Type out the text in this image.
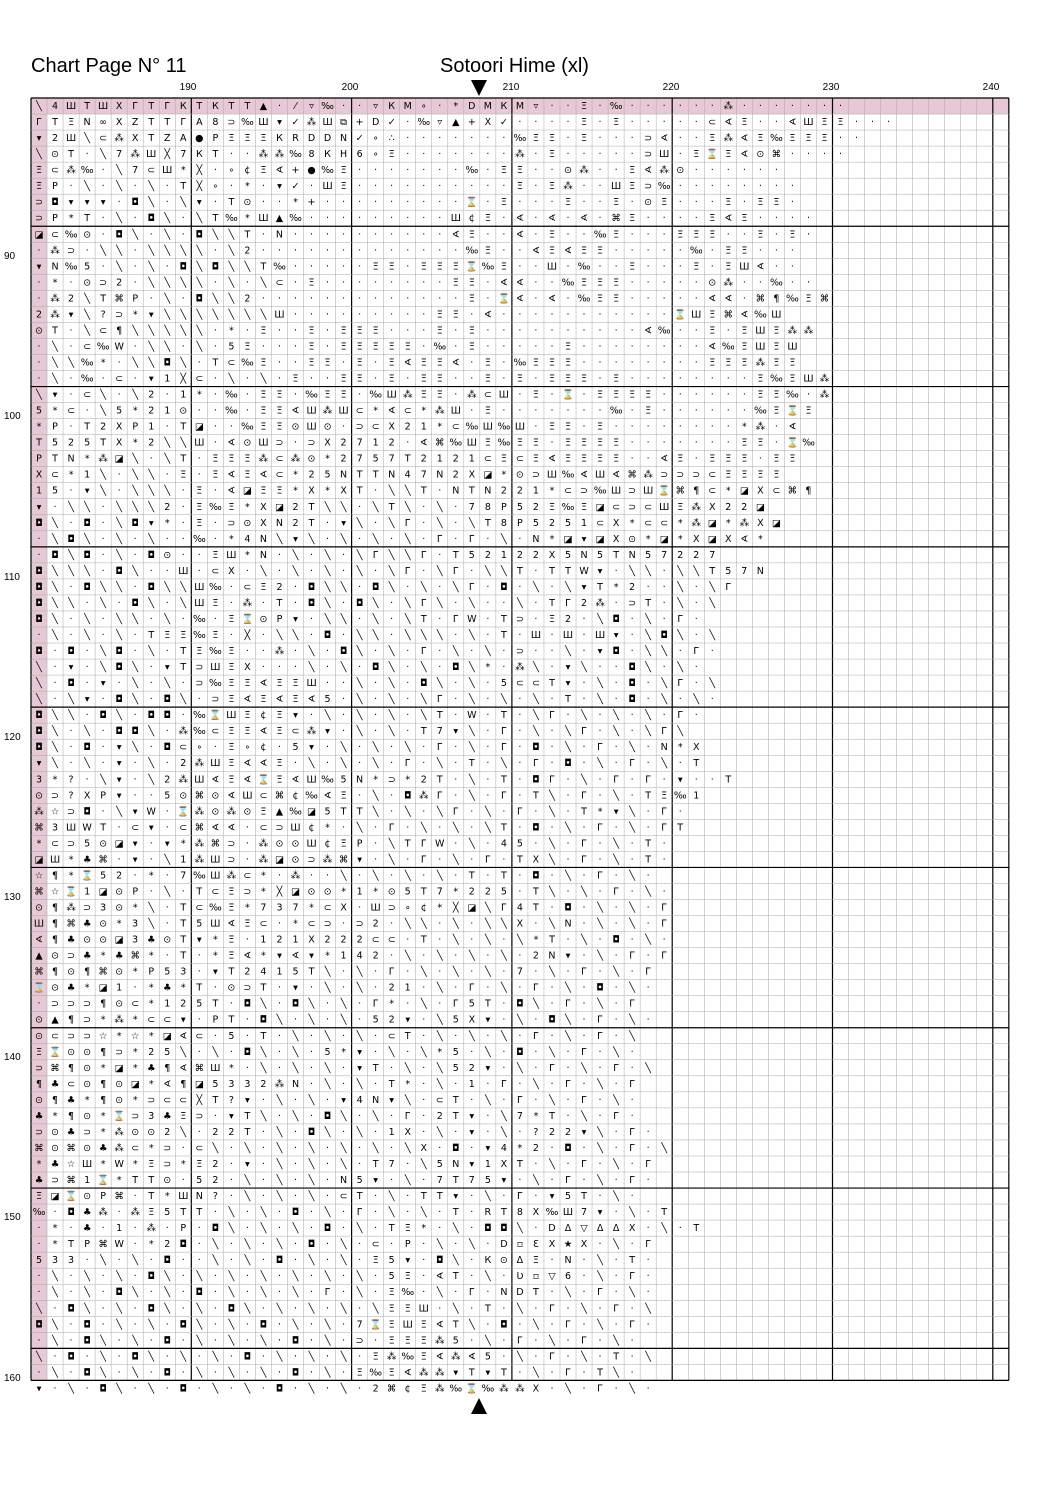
Chart Page N° 11	Sotoori Hime (xl)
190	200	210	220	230	240
90
100
110
120
130
140
150
160
╲ 4 Ш Т Ш Ⅹ Г Т Г К Т К Т Т ▲ · ⁄ ▿ ‰ · · ▿ К М ∘ · * D М К М ▿ · · Ξ · ‰ · · · · · · ⁂ · · · · · · ·
Г Т Ξ N ∞ Ⅹ Z Т Т Г А 8 ⊃ ‰ Ш ▾ ✓ ⁂ Ш ⧉ + D ✓ · ‰ ▿ ▲ + Ⅹ ✓ · · · · Ξ · Ξ · · · · · ⊂ ∢ Ξ · · ∢ Ш Ξ Ξ · · ·
▾ 2 Ш ╲ ⊂ ⁂ Ⅹ Т Z А ● Р Ξ Ξ Ξ К R D D N ✓ ∘ ∴ · · · · · · · ‰ Ξ Ξ · Ξ · · · ⊃ ∢ · · Ξ ⁂ ∢ Ξ ‰ Ξ Ξ Ξ · ·
╲ ⊙ Т · ╲ 7 ⁂ Ш ╳ 7 К Т · · ⁂ ⁂ ‰ 8 К Н 6 ∘ Ξ · · · · · · · ⁂ · Ξ · · · · · ⊃ Ш · Ξ ⌛ Ξ ∢ ⊙ ⌘ · · · ·
Ξ ⊂ ⁂ ‰ · ╲ 7 ⊂ Ш * ╳ · ∘ ¢ Ξ ∢ + ● ‰ Ξ · · · · · · · ‰ · Ξ Ξ · · ⊙ ⁂ · · Ξ ∢ ⁂ ⊙ · · · · · ·
Ξ Р · ╲ · ╲ · ╲ · Т ╳ ∘ · * · ▾ ✓ · Ш Ξ · · · · · · · · · · Ξ · Ξ ⁂ · · Ш Ξ ⊃ ‰ · · · · · · · ·
⊃ ◘ ▾ ▾ ▾ · ◘ ╲ · ╲ ▾ · Т ⊙ · · * + · · · · · · · · · ⌛ · Ξ · · · Ξ · · Ξ · ⊙ Ξ · · · Ξ · Ξ Ξ ·
⊃ Р * Т · ╲ · ◘ ╲ · ╲ Т ‰ * Ш ▲ ‰ · · · · · · · · · Ш ¢ Ξ · ∢ · ∢ · ∢ · ⌘ Ξ · · · · Ξ ∢ Ξ · · · ·
◪ ⊂ ‰ ⊙ · ◘ ╲ · ╲ · ◘ ╲ ╲ Т · N · · · · · · · · · · ∢ Ξ · · ∢ · Ξ · · ‰ Ξ · · · Ξ Ξ Ξ · · Ξ · Ξ ·
· ⁂ ⊃ · ╲ ╲ · ╲ ╲ ╲ ╲ · ╲ 2 · · · · · · · · · · · · · ‰ Ξ · · ∢ Ξ ∢ Ξ Ξ · · · · · ‰ · Ξ Ξ · · ·
▾ N ‰ 5 · ╲ · ╲ · ◘ ╲ ◘ ╲ ╲ Т ‰ · · · · · Ξ Ξ · Ξ Ξ Ξ ⌛ ‰ Ξ · · Ш · ‰ · · Ξ · · · Ξ · Ξ Ш ∢ · ·
· * · ⊙ ⊃ 2 · ╲ ╲ ╲ ╲ · ╲ · ╲ ⊂ · Ξ · · · · · · · · Ξ Ξ · ∢ ∢ · · ‰ Ξ Ξ Ξ · · · · · ⊙ ⁂ · · ‰ · ·
· ⁂ 2 ╲ Т ⌘ Р · ╲ · ◘ ╲ ╲ 2 · · · · · · · · · · · · · Ξ · ⌛ ∢ · ∢ · ‰ Ξ Ξ · · · · · ∢ ∢ · ⌘ ¶ ‰ Ξ ⌘
2 ⁂ ▾ ╲ ? ⊃ * ▾ ╲ ╲ ╲ ╲ ╲ ╲ ╲ Ш · · · · · · · · · Ξ Ξ · ∢ · · · · · · · · · · · ⌛ Ш Ξ ⌘ ∢ ‰ Ш
⊙ Т · ╲ ⊂ ¶ ╲ ╲ ╲ ╲ ╲ · * · Ξ · · Ξ · Ξ Ξ Ξ · · · Ξ · Ξ · · · · · · · · · · ∢ ‰ · · Ξ · Ξ Ш Ξ ⁂ ⁂
· ╲ · ⊂ ‰ W · ╲ ╲ · ╲ · 5 Ξ · · · Ξ · Ξ Ξ Ξ Ξ Ξ · ‰ · Ξ · · · · · Ξ · · · · · · · · ∢ ‰ Ξ Ш Ξ Ш
· ╲ ╲ ‰ * · ╲ ╲ ◘ ╲ · Т ⊂ ‰ Ξ · · Ξ Ξ · Ξ · Ξ ∢ Ξ Ξ ∢ · Ξ · ‰ Ξ Ξ Ξ · · · · · · · · Ξ Ξ Ξ ⁂ Ξ Ξ
· ╲ · ‰ · ⊂ · ▾ 1 ╳ ⊂ · ╲ · ╲ · Ξ · · Ξ Ξ · Ξ · Ξ Ξ · · Ξ · Ξ · Ξ Ξ Ξ · Ξ · · · · · · · · Ξ ‰ Ξ Ш ⁂
╲ ▾ · ⊂ ╲ · ╲ 2 · 1 * · ‰ · Ξ Ξ · ‰ Ξ Ξ · ‰ Ш ⁂ Ξ Ξ · ⁂ ⊂ Ш · Ξ · ⌛ · Ξ Ξ Ξ Ξ · · · · · · Ξ Ξ ‰ · ⁂
5 * ⊂ · ╲ 5 * 2 1 ⊙ · · ‰ · Ξ Ξ ∢ Ш ⁂ Ш ⊂ * ∢ ⊂ * ⁂ Ш · Ξ · · · · · · · ‰ · Ξ · · · · · · ‰ Ξ ⌛ Ξ
* Р · Т 2 Ⅹ Р 1 · Т ◪ · · ‰ Ξ Ξ ⊙ Ш ⊙ · ⊃ ⊂ Ⅹ 2 1 * ⊂ ‰ Ш ‰ Ш · Ξ Ξ · Ξ · · · · · · · · * ⁂ · ∢
Т 5 2 5 Т Ⅹ * 2 ╲ ╲ Ш · ∢ ⊙ Ш ⊃ · ⊃ Ⅹ 2 7 1 2 · ∢ ⌘ ‰ Ш Ξ ‰ Ξ Ξ · Ξ Ξ Ξ Ξ · · · · · · · Ξ Ξ · ⌛ ‰
Р Т N * ⁂ ◪ ╲ · ╲ Т · Ξ Ξ Ξ ⁂ ⊂ ⁂ ⊙ * 2 7 5 7 Т 2 1 2 1 ⊂ Ξ ⊂ Ξ ∢ Ξ Ξ Ξ Ξ · · ∢ Ξ · Ξ Ξ Ξ · Ξ Ξ
Ⅹ ⊂ * 1 ╲ · ╲ ╲ · Ξ · Ξ ∢ Ξ ∢ ⊂ * 2 5 N Т Т N 4 7 N 2 Ⅹ ◪ * ⊙ ⊃ Ш ‰ ∢ Ш ∢ ⌘ ⁂ ⊃ ⊃ ⊃ ⊂ Ξ Ξ Ξ Ξ
1 5 · ▾ ╲ · ╲ ╲ ╲ · Ξ · ∢ ◪ Ξ Ξ * Ⅹ * Ⅹ Т · ╲ ╲ Т · N Т N 2 2 1 * ⊂ ⊃ ‰ Ш ⊃ Ш ⌛ ⌘ ¶ ⊂ * ◪ Ⅹ ⊂ ⌘ ¶
▾ · ╲ ╲ · ╲ ╲ ╲ 2 · Ξ ‰ Ξ * Ⅹ ◪ 2 Т ╲ ╲ · ╲ Т ╲ · ╲ · 7 8 Р 5 2 Ξ ‰ Ξ ◪ ⊂ ⊃ ⊂ Ш Ξ ⁂ Ⅹ 2 2 ◪
◘ ╲ · ◘ · ╲ ◘ ▾ * · Ξ · ⊃ ⊙ Ⅹ N 2 Т · ▾ ╲ · ╲ Г · ╲ · ╲ Т 8 Р 5 2 5 1 ⊂ Ⅹ * ⊂ ⊂ * ⁂ ◪ * ⁂ Ⅹ ◪
· ╲ ◘ ╲ · ╲ · ╲ · · ‰ · * 4 N ╲ ▾ ╲ · ╲ · ╲ · ╲ · Г · Г · ╲ · N * ◪ ▾ ◪ Ⅹ ⊙ * ◪ * Ⅹ ◪ Ⅹ ∢ *
· ◘ ╲ ◘ · ╲ · ◘ ⊙ · · Ξ Ш * N · ╲ · ╲ · ╲ Г ╲ ╲ Г · Т 5 2 1 2 2 Ⅹ 5 N 5 Т N 5 7 2 2 7
◘ ╲ ╲ ╲ · ◘ ╲ · · Ш · ⊂ Ⅹ · ╲ · ╲ · ╲ · ╲ · ╲ Г · ╲ Г · ╲ ╲ Т · Т Т W ▾ · ╲ ╲ · ╲ ╲ Т 5 7 N
◘ ╲ · ◘ ╲ ╲ · ◘ ╲ ╲ Ш ‰ · ⊂ Ξ 2 · ◘ ╲ ╲ · ◘ ╲ · ╲ · ╲ Г · ◘ · ╲ · ╲ ▾ Т * 2 · · ╲ · ╲ Г
◘ ╲ ╲ · ╲ · ◘ ╲ · ╲ Ш Ξ · ⁂ · Т · ◘ ╲ · ◘ ╲ · ╲ Г ╲ · ╲ · · ╲ · Т Г 2 ⁂ · ⊃ Т · ╲ · ╲
◘ ╲ · ╲ · ╲ ╲ · ╲ · ‰ · Ξ ⌛ ⊙ Р ▾ · ╲ ╲ · ╲ · ╲ Т · Г W · Т ⊃ · Ξ 2 · ╲ ◘ · ╲ · Г ·
· ╲ · ╲ · ╲ · Т Ξ Ξ ‰ Ξ · ╳ · ╲ ╲ · ◘ · ╲ ╲ · ╲ ╲ ╲ · ╲ · Т · Ш · Ш · Ш ▾ · ╲ ◘ ╲ · ╲
◘ · ◘ · ╲ ◘ · ╲ · Т Ξ ‰ Ξ · · ⁂ · ╲ · ◘ ╲ · ╲ · Г · ╲ · ╲ · ⊃ · · ╲ · ▾ ◘ · ╲ ╲ · Г ·
╲ · ▾ · ╲ ◘ ╲ · ▾ Т ⊃ Ш Ξ Ⅹ · · · ╲ · ╲ · ◘ ╲ · ╲ · ◘ ╲ * · ⁂ ╲ · ▾ ╲ · · ◘ ╲ · ╲ ·
╲ · ◘ · ▾ · ╲ · ╲ · ⊃ ‰ Ξ Ξ ∢ Ξ Ξ Ш · · ╲ · ╲ · ◘ ╲ · ╲ · 5 ⊂ ⊂ Т ▾ · ╲ · ◘ · ╲ Г · ╲
╲ · ╲ ▾ · ◘ ╲ · ◘ ╲ · ⊃ Ξ ∢ Ξ ∢ Ξ ∢ 5 · ╲ · ╲ · ╲ Г · ╲ · ╲ · ╲ · Т · ╲ · ◘ · ╲ · ╲ ·
◘ ╲ ╲ · ◘ ╲ · ◘ ◘ · ‰ ⌛ Ш Ξ ¢ Ξ ▾ · ╲ · ╲ · ╲ · ╲ Т · W · Т · ╲ Г · ╲ · ╲ · ╲ · Г ·
◘ ╲ · ╲ · ◘ ◘ ╲ · ⁂ ‰ ⊂ Ξ Ξ ∢ Ξ ⊂ ⁂ ▾ · ╲ · ╲ · Т 7 ▾ ╲ · Г · ╲ · ╲ Г · ╲ · ╲ Г ╲
◘ ╲ · ◘ · ▾ ╲ · ◘ ⊂ ∘ · Ξ ∘ ¢ · 5 ▾ · ╲ · ╲ · ╲ · Г · ╲ · Г · ◘ · ╲ · Г · ╲ · N * Ⅹ
▾ ╲ · ╲ · ▾ · ╲ · 2 ⁂ Ш Ξ ∢ ∢ Ξ · ╲ · ╲ · ╲ · Г · ╲ · Т · ╲ · Г · ◘ · ╲ · Г · ╲ · Т
3 * ? · ╲ ▾ · ╲ 2 ⁂ Ш ∢ Ξ ∢ ⌛ Ξ ∢ Ш ‰ 5 N * ⊃ * 2 Т · ╲ · Т · ◘ Г · ╲ · Г · Г · ▾ · · Т
⊙ ⊃ ? Ⅹ Р ▾ · · 5 ⊙ ⌘ ⊙ ∢ Ш ⊂ ⌘ ¢ ‰ ∢ Ξ · ╲ · ◘ ⁂ Г · ╲ · Г · Т ╲ · Г · ╲ · Т Ξ ‰ 1
⁂ ☆ ⊃ ◘ · ╲ ▾ W · ⌛ ⁂ ⊙ ⁂ ⊙ Ξ ▲ ‰ ◪ 5 Т Т ╲ · ╲ · ╲ Г · ╲ · Г · ╲ · Т * ▾ ╲ · Г ·
⌘ 3 Ш W Т · ⊂ ▾ · ⊂ ⌘ ∢ ∢ · ⊂ ⊃ Ш ¢ * · ╲ · Г · ╲ · ╲ · ╲ Т · ◘ · ╲ · Г · ╲ · Г Т
* ⊂ ⊃ 5 ⊙ ◪ ▾ · ▾ * ⁂ ⌘ ⊃ · ⁂ ⊙ ⊙ Ш ¢ Ξ Р · ╲ Т Г W · ╲ · 4 5 · ╲ · Г · ╲ · Т ·
◪ Ш * ♣ ⌘ · ▾ · ╲ 1 ⁂ Ш ⊃ · ⁂ ◪ ⊙ ⊃ ⁂ ⌘ ▾ · ╲ · Г · ╲ · Г · Т Ⅹ ╲ · Г · ╲ · Т ·
☆ ¶ * ⌛ 5 2 · * · 7 ‰ Ш ⁂ ⊂ * · ⁂ · · ╲ · ╲ · ╲ · ╲ · Т · Т · ◘ · ╲ · Г · ╲ ·
⌘ ☆ ⌛ 1 ◪ ⊙ Р · ╲ · Т ⊂ Ξ ⊃ * ╳ ◪ ⊙ ⊙ * 1 * ⊙ 5 Т 7 * 2 2 5 · Т ╲ · ╲ · Г · ╲ ·
⊙ ¶ ⁂ ⊃ 3 ⊙ * ╲ · Т ⊂ ‰ Ξ * 7 3 7 * ⊂ Ⅹ · Ш ⊃ ∘ ¢ * ╳ ◪ ╲ Г 4 Т · ◘ · ╲ · ╲ · Г
Ш ¶ ⌘ ♣ ⊙ * 3 ╲ · Т 5 Ш ∢ Ξ ⊂ · * ⊂ ⊃ · ⊃ 2 · ╲ ╲ · ╲ · ╲ ╲ Ⅹ · ╲ N · ╲ · ╲ · Г
∢ ¶ ♣ ⊙ ⊙ ◪ 3 ♣ ⊙ Т ▾ * Ξ · 1 2 1 Ⅹ 2 2 2 ⊂ ⊂ · Т · ╲ · ╲ · ╲ * Т · ╲ · ◘ · ╲ ·
▲ ⊙ ⊃ ♣ * ♣ ⌘ * · Т · * Ξ ∢ * ▾ ∢ ▾ * 1 4 2 · ╲ · ╲ · ╲ · ╲ · 2 N ▾ · ╲ · Г · Г
⌘ ¶ ⊙ ¶ ⌘ ⊙ * Р 5 3 · ▾ Т 2 4 1 5 Т ╲ · ╲ · Г · ╲ · ╲ · ╲ · 7 · ╲ · Г · ╲ · Г
⌛ ⊙ ♣ * ◪ 1 · * ♣ * Т · ⊙ ⊃ Т · ▾ · ╲ · ╲ · 2 1 · ╲ · Г · ╲ · Г · ╲ · ◘ · ╲ ·
· ⊃ ⊃ ⊃ ¶ ⊙ ⊂ * 1 2 5 Т · ◘ ╲ · ◘ ╲ · ╲ · Г * · ╲ · Г 5 Т · ◘ ╲ · Г · ╲ · Г
⊙ ▲ ¶ ⊃ * ⁂ * ⊂ ⊂ ▾ · Р Т · ◘ ╲ · ╲ · ╲ · 5 2 ▾ · ╲ 5 Ⅹ ▾ · ╲ · ◘ ╲ · Г · ╲ ·
⊙ ⊂ ⊃ ⊃ ☆ * ☆ * ◪ ∢ ⊂ · 5 · Т · ╲ · ╲ · ╲ · ⊂ Т · ╲ · ╲ · ╲ · Г · ╲ · Г · ╲
Ξ ⌛ ⊙ ⊙ ¶ ⊃ * 2 5 ╲ · ╲ · ◘ ╲ · ╲ · 5 * ▾ · ╲ · ╲ * 5 · ╲ · ◘ · ╲ · Г · ╲ ·
⊃ ⌘ ¶ ⊙ * ◪ * ♣ ¶ ∢ ⌘ Ш * · ╲ · ╲ · ╲ · ▾ Т · ╲ · ╲ 5 2 ▾ · ╲ · Г · ╲ · Г · ╲
¶ ♣ ⊂ ⊙ ¶ ⊙ ◪ * ∢ ¶ ◪ 5 3 3 2 ⁂ N · ╲ · ╲ · Т * · ╲ · 1 · Г · ╲ · Г · ╲ · Г
⊙ ¶ ♣ * ¶ ⊙ * ⊃ ⊂ ⊂ ╳ Т ? ▾ · ╲ · ╲ · ▾ 4 N ▾ ╲ · ⊂ Т · ╲ · Г · ╲ · Г · ╲ ·
♣ * ¶ ⊙ * ⌛ ⊃ 3 ♣ Ξ ⊃ · ▾ Т ╲ · ╲ · ◘ ╲ · ╲ · Г · 2 Т ▾ · ╲ 7 * Т · ╲ · Г ·
⊃ ⊙ ♣ ⊃ * ⁂ ⊙ ⊙ 2 ╲ · 2 2 Т · ╲ · ◘ ╲ · ╲ · 1 Ⅹ · ╲ · ▾ · ╲ · ? 2 2 ▾ ╲ · Г ·
⌘ ⊙ ⌘ ⊙ ♣ ⁂ ⊂ * ⊃ · ⊂ ╲ · ╲ · ╲ · ╲ · ╲ · ╲ · ╲ Ⅹ · ◘ · ▾ 4 * 2 · ◘ · ╲ · Г · ╲
* ♣ ☆ Ш * W * Ξ ⊃ * Ξ 2 · ▾ · ╲ · ╲ · ╲ · Т 7 · ╲ 5 N ▾ 1 Ⅹ Т · ╲ · Г · ╲ · Г
♣ ⊃ ⌘ 1 ⌛ * Т Т ⊙ · 5 2 · ╲ · ╲ · ╲ · N 5 ▾ · ╲ · 7 Т 7 5 ▾ · ╲ · Г · ╲ · Г ·
Ξ ◪ ⌛ ⊙ Р ⌘ · Т * Ш N ? · ╲ · ╲ · ╲ · ⊂ Т · ╲ · Т Т ▾ · ╲ · Г · ▾ 5 Т · ╲ ·
‰ · ◘ ♣ ⁂ · ⁂ Ξ 5 Т Т · ╲ · ╲ · ◘ · ╲ · Г · ╲ · ╲ · Т · R Т 8 Ⅹ ‰ Ш 7 ▾ · ╲ · Т
· * · ♣ · 1 · ⁂ · Р · ◘ ╲ · ╲ · ╲ · ◘ · ╲ · Т Ξ * · ╲ · ◘ ◘ ╲ · D Δ ▽ Δ Δ Ⅹ · ╲ · Т
· * Т Р ⌘ W · * 2 ◘ · ╲ · ╲ · ╲ · ◘ · ╲ · ⊂ · Р · ╲ · ╲ · D ▫ Ɛ Ⅹ ★ Ⅹ · ╲ · Г
5 3 3 · ╲ · ╲ · ◘ · · ╲ · ╲ · ◘ · ╲ · ╲ · Ξ 5 ▾ · ◘ ╲ · К ⊙ Δ Ξ · N · ╲ · Т ·
· ╲ · ╲ · ╲ · ◘ ╲ · ╲ · ╲ · ╲ · ╲ · ╲ · ╲ · 5 Ξ · ∢ Т · ╲ · Ʋ ▫ ▽ 6 · ╲ · Г ·
· ╲ · ╲ · ◘ ╲ · ╲ · ◘ · ╲ · ╲ · ╲ · Г · ╲ · Ξ ‰ · ╲ · Г · N D Т · ╲ · Г · ╲ ·
╲ · ◘ ╲ · ╲ · ◘ ╲ · ╲ · ◘ ╲ · ╲ · ╲ · ╲ · ╲ Ξ Ξ Ш · ╲ · Т · ╲ · Г · ╲ · Г · ╲
◘ ╲ · ◘ · ╲ · ╲ · ◘ ╲ · ╲ · ◘ · ╲ · ╲ · 7 ⌛ Ξ Ш Ξ ∢ Т ╲ · ◘ · ╲ · Г · ╲ · Г ·
· ╲ · ◘ ╲ · ╲ · ◘ · ╲ · ╲ · ╲ · ◘ · ╲ · ⊃ · Ξ Ξ Ξ ⁂ 5 · ╲ · Г · ╲ · Г · ╲ ·
╲ · ◘ · ╲ · ◘ ╲ · ╲ · ╲ · ◘ · ╲ · ╲ · ╲ · Ξ ⁂ ‰ Ξ ∢ ⁂ ∢ 5 · ╲ · Г · ╲ · Т · ╲
· ╲ · ◘ ╲ · ╲ · ◘ · ╲ · ╲ · ╲ · ◘ · ╲ · Ξ ‰ Ξ ∢ ⁂ ⁂ ▾ Т ▾ Т · ╲ · Г · Т ╲ ·
▾ · ╲ · ◘ ╲ · ╲ · ◘ · ╲ · ╲ · ◘ · ╲ · ╲ · 2 ⌘ ¢ Ξ ⁂ ‰ ⌛ ‰ ⁂ ⁂ Ⅹ · ╲ · Г · ╲ ·
